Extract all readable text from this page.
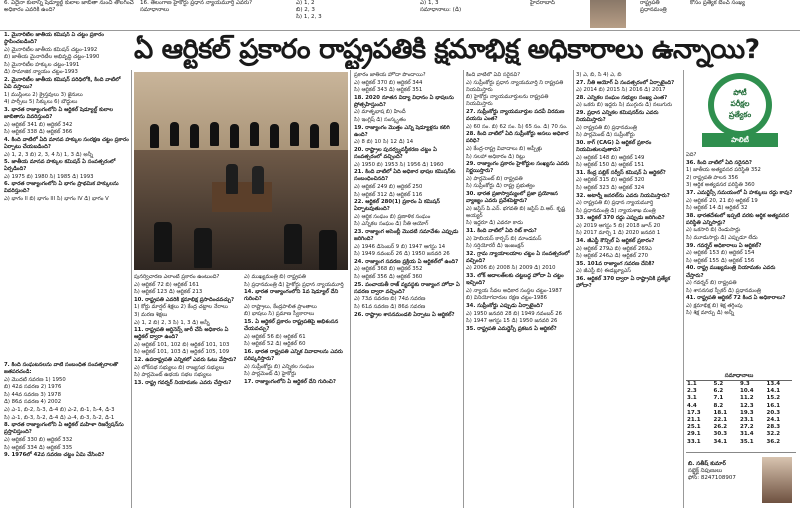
6. ఏదైనా కులాన్ని షెడ్యూల్డ్ కులాల జాబితా నుంచి తొలగించే
అధికారం ఎవరికి ఉంది?
16. తెలంగాణ హైకోర్టు ప్రధాన న్యాయమూర్తి ఎవరు?
సమాధానాలు
ఎ) 1, 2
బి) 2, 3
సి) 1, 2, 3
ఎ) 1, 3
సమాధానాలు: (డి)
హైదరాబాద్	రాష్ట్రపతి
ప్రధానమంత్రి
కోసం ప్రత్యేక బెంచ్ సంఖ్య
ఏ ఆర్టికల్ ప్రకారం రాష్ట్రపతికి క్షమాభిక్ష అధికారాలు ఉన్నాయి?

1. మైనారిటీల జాతీయ కమిషన్ ఏ చట్టం ప్రకారం స్థాపించబడింది?

ఎ) మైనారిటీల జాతీయ కమిషన్ చట్టం-1992

బి) జాతీయ మైనారిటీల అభివృద్ధి చట్టం-1990

సి) మైనారిటీల హక్కుల చట్టం-1991

డి) సామాజిక న్యాయం చట్టం-1993

2. మైనారిటీల జాతీయ కమిషన్ పరిధిలోకి, కింది వాటిలో ఏవి వస్తాయి?

1) ముస్లింలు 2) క్రైస్తవులు 3) జైనులు

4) పార్సీలు 5) సిక్కులు 6) బౌద్ధులు

3. భారత రాజ్యాంగంలోని ఏ ఆర్టికల్ షెడ్యూల్డ్ కులాల జాబితాను వివరిస్తుంది?

ఎ) ఆర్టికల్ 341 బి) ఆర్టికల్ 342

సి) ఆర్టికల్ 338 డి) ఆర్టికల్ 366

4. కింది వాటిలో ఏది మానవ హక్కుల సంరక్షణ చట్టం ప్రకారం ఏర్పాటు చేయబడింది?

ఎ) 1, 2, 3 బి) 2, 3, 4 సి) 1, 3 డి) అన్నీ

5. జాతీయ మానవ హక్కుల కమిషన్ ఏ సంవత్సరంలో ఏర్పడింది?

ఎ) 1975 బి) 1980 సి) 1985 డి) 1993

6. భారత రాజ్యాంగంలోని ఏ భాగం ప్రాథమిక హక్కులను వివరిస్తుంది?

ఎ) భాగం II బి) భాగం III సి) భాగం IV డి) భాగం V

7. కింది సంఘటనలను వాటి సంబంధిత సంవత్సరాలతో జతపరచండి:

ఎ) మొదటి సవరణ 1) 1950

బి) 42వ సవరణ 2) 1976

సి) 44వ సవరణ 3) 1978

డి) 86వ సవరణ 4) 2002

ఎ) ఎ-1, బి-2, సి-3, డి-4 బి) ఎ-2, బి-1, సి-4, డి-3

సి) ఎ-1, బి-3, సి-2, డి-4 డి) ఎ-4, బి-3, సి-2, డి-1

8. భారత రాజ్యాంగంలోని ఏ ఆర్టికల్ మహిళా రిజర్వేషన్‌ను ప్రస్తావిస్తుంది?

ఎ) ఆర్టికల్ 330 బి) ఆర్టికల్ 332

సి) ఆర్టికల్ 334 డి) ఆర్టికల్ 335

9. 1976లో 42వ సవరణ చట్టం ఏమి చేసింది?

పునర్విచారణ ఎలాంటి ప్రకారం ఉంటుంది?

ఎ) ఆర్టికల్ 72 బి) ఆర్టికల్ 161

సి) ఆర్టికల్ 123 డి) ఆర్టికల్ 213

10. రాష్ట్రపతి ఎవరికి క్షమాభిక్ష ప్రసాదించవచ్చు?

1) కోర్టు మార్షల్ శిక్షలు 2) కేంద్ర చట్టాల నేరాలు

3) మరణ శిక్షలు

ఎ) 1, 2 బి) 2, 3 సి) 1, 3 డి) అన్నీ

11. రాష్ట్రపతి ఆర్డినెన్స్ జారీ చేసే అధికారం ఏ ఆర్టికల్ ద్వారా ఉంది?

ఎ) ఆర్టికల్ 101, 102 బి) ఆర్టికల్ 101, 103

సి) ఆర్టికల్ 101, 103 డి) ఆర్టికల్ 105, 109

12. ఉపరాష్ట్రపతి ఎన్నికలో ఎవరు ఓటు వేస్తారు?

ఎ) లోక్‌సభ సభ్యులు బి) రాజ్యసభ సభ్యులు

సి) పార్లమెంట్ ఉభయ సభల సభ్యులు

13. రాష్ట్ర గవర్నర్ నియామకం ఎవరు చేస్తారు?

ఎ) ముఖ్యమంత్రి బి) రాష్ట్రపతి

సి) ప్రధానమంత్రి డి) హైకోర్టు ప్రధాన న్యాయమూర్తి

14. భారత రాజ్యాంగంలోని 1వ షెడ్యూల్ దేని గురించి?

ఎ) రాష్ట్రాలు, కేంద్రపాలిత ప్రాంతాలు

బి) భాషలు సి) ప్రమాణ స్వీకారాలు

15. ఏ ఆర్టికల్ ప్రకారం రాష్ట్రపతిపై అభిశంసన చేయవచ్చు?

ఎ) ఆర్టికల్ 56 బి) ఆర్టికల్ 61

సి) ఆర్టికల్ 52 డి) ఆర్టికల్ 60

16. భారత రాష్ట్రపతి ఎన్నిక వివాదాలను ఎవరు పరిష్కరిస్తారు?

ఎ) సుప్రీంకోర్టు బి) ఎన్నికల సంఘం

సి) పార్లమెంట్ డి) హైకోర్టు

17. రాజ్యాంగంలోని ఏ ఆర్టికల్ దేని గురించి?

ప్రకారం జాతీయ హోదా పొందాయి?

ఎ) ఆర్టికల్ 370 బి) ఆర్టికల్ 344

సి) ఆర్టికల్ 343 డి) ఆర్టికల్ 351

18. 2020 నూతన విద్యా విధానం ఏ భాషలను ప్రోత్సహిస్తుంది?

ఎ) మాతృభాష బి) హిందీ

సి) ఇంగ్లిష్ డి) సంస్కృతం

19. రాజ్యాంగం మొత్తం ఎన్ని షెడ్యూళ్లను కలిగి ఉంది?

ఎ) 8 బి) 10 సి) 12 డి) 14

20. రాష్ట్రాల పునర్వ్యవస్థీకరణ చట్టం ఏ సంవత్సరంలో వచ్చింది?

ఎ) 1950 బి) 1953 సి) 1956 డి) 1960

21. కింది వాటిలో ఏది అధికార భాషల కమిషన్‌కు సంబంధించినది?

ఎ) ఆర్టికల్ 249 బి) ఆర్టికల్ 250

సి) ఆర్టికల్ 312 డి) ఆర్టికల్ 116

22. ఆర్టికల్ 280(1) ప్రకారం ఏ కమిషన్ ఏర్పాటవుతుంది?

ఎ) ఆర్థిక సంఘం బి) ప్రణాళిక సంఘం

సి) ఎన్నికల సంఘం డి) నీతి ఆయోగ్

23. రాజ్యాంగ అసెంబ్లీ మొదటి సమావేశం ఎప్పుడు జరిగింది?

ఎ) 1946 డిసెంబర్ 9 బి) 1947 ఆగస్టు 14

సి) 1949 నవంబర్ 26 డి) 1950 జనవరి 26

24. రాజ్యాంగ సవరణ ప్రక్రియ ఏ ఆర్టికల్‌లో ఉంది?

ఎ) ఆర్టికల్ 368 బి) ఆర్టికల్ 352

సి) ఆర్టికల్ 356 డి) ఆర్టికల్ 360

25. పంచాయతీ రాజ్ వ్యవస్థకు రాజ్యాంగ హోదా ఏ సవరణ ద్వారా వచ్చింది?

ఎ) 73వ సవరణ బి) 74వ సవరణ

సి) 61వ సవరణ డి) 86వ సవరణ

26. రాష్ట్రాల శాసనమండలి ఏర్పాటు ఏ ఆర్టికల్?

కింది వాటిలో ఏవి సరైనవి?

ఎ) సుప్రీంకోర్టు ప్రధాన న్యాయమూర్తి ని రాష్ట్రపతి నియమిస్తారు

బి) హైకోర్టు న్యాయమూర్తులను రాష్ట్రపతి నియమిస్తారు

27. సుప్రీంకోర్టు న్యాయమూర్తుల పదవీ విరమణ వయసు ఎంత?

ఎ) 60 సం. బి) 62 సం. సి) 65 సం. డి) 70 సం.

28. కింది వాటిలో ఏది సుప్రీంకోర్టు అసలు అధికార పరిధి?

ఎ) కేంద్ర-రాష్ట్ర వివాదాలు బి) అప్పీళ్లు

సి) సలహా అధికారం డి) రిట్లు

29. రాజ్యాంగం ప్రకారం హైకోర్టుల సంఖ్యను ఎవరు నిర్ణయిస్తారు?

ఎ) పార్లమెంట్ బి) రాష్ట్రపతి

సి) సుప్రీంకోర్టు డి) రాష్ట్ర ప్రభుత్వం

30. భారత ప్రజాస్వామ్యంలో ప్రజా ప్రయోజన వ్యాజ్యం ఎవరు ప్రవేశపెట్టారు?

ఎ) జస్టిస్ పి.ఎన్. భగవతి బి) జస్టిస్ వి.ఆర్. కృష్ణ అయ్యర్

సి) ఇద్దరూ డి) ఎవరూ కాదు

31. కింది వాటిలో ఏది రిట్ కాదు?

ఎ) హెబియస్ కార్పస్ బి) మాండమస్

సి) సర్షియోరరీ డి) ఇంజంక్షన్

32. గ్రామ న్యాయాలయాల చట్టం ఏ సంవత్సరంలో వచ్చింది?

ఎ) 2006 బి) 2008 సి) 2009 డి) 2010

33. లోక్ అదాలత్‌లకు చట్టబద్ధ హోదా ఏ చట్టం ఇచ్చింది?

ఎ) న్యాయ సేవల అధికార సంస్థల చట్టం-1987

బి) వినియోగదారుల రక్షణ చట్టం-1986

34. సుప్రీంకోర్టు ఎప్పుడు ఏర్పాటైంది?

ఎ) 1950 జనవరి 28 బి) 1949 నవంబర్ 26

సి) 1947 ఆగస్టు 15 డి) 1950 జనవరి 26

35. రాష్ట్రపతి ఎమర్జెన్సీ ప్రకటన ఏ ఆర్టికల్?

3) ఎ, బి, సి 4) ఎ, బి

27. నీతి ఆయోగ్ ఏ సంవత్సరంలో ఏర్పాటైంది?

ఎ) 2014 బి) 2015 సి) 2016 డి) 2017

28. ఎన్నికల సంఘం సభ్యుల సంఖ్య ఎంత?

ఎ) ఒకరు బి) ఇద్దరు సి) ముగ్గురు డి) నలుగురు

29. ప్రధాన ఎన్నికల కమిషనర్‌ను ఎవరు నియమిస్తారు?

ఎ) రాష్ట్రపతి బి) ప్రధానమంత్రి

సి) పార్లమెంట్ డి) సుప్రీంకోర్టు

30. కాగ్ (CAG) ఏ ఆర్టికల్ ప్రకారం నియమితులవుతారు?

ఎ) ఆర్టికల్ 148 బి) ఆర్టికల్ 149

సి) ఆర్టికల్ 150 డి) ఆర్టికల్ 151

31. కేంద్ర పబ్లిక్ సర్వీస్ కమిషన్ ఏ ఆర్టికల్?

ఎ) ఆర్టికల్ 315 బి) ఆర్టికల్ 320

సి) ఆర్టికల్ 323 డి) ఆర్టికల్ 324

32. అటార్నీ జనరల్‌ను ఎవరు నియమిస్తారు?

ఎ) రాష్ట్రపతి బి) ప్రధాన న్యాయమూర్తి

సి) ప్రధానమంత్రి డి) న్యాయశాఖ మంత్రి

33. ఆర్టికల్ 370 రద్దు ఎప్పుడు జరిగింది?

ఎ) 2019 ఆగస్టు 5 బి) 2018 జూన్ 20

సి) 2017 మార్చి 1 డి) 2020 జనవరి 1

34. జీఎస్టీ కౌన్సిల్ ఏ ఆర్టికల్ ప్రకారం?

ఎ) ఆర్టికల్ 279ఎ బి) ఆర్టికల్ 269ఎ

సి) ఆర్టికల్ 246ఎ డి) ఆర్టికల్ 270

35. 101వ రాజ్యాంగ సవరణ దేనికి?

ఎ) జీఎస్టీ బి) ఈడబ్ల్యూఎస్

36. ఆర్టికల్ 370 ద్వారా ఏ రాష్ట్రానికి ప్రత్యేక హోదా?

ఏది?

36. కింది వాటిలో ఏది సరైనది?

1) జాతీయ అత్యవసర పరిస్థితి 352

2) రాష్ట్రపతి పాలన 356

3) ఆర్థిక అత్యవసర పరిస్థితి 360

37. ఎమర్జెన్సీ సమయంలో ఏ హక్కులు రద్దు కావు?

ఎ) ఆర్టికల్ 20, 21 బి) ఆర్టికల్ 19

సి) ఆర్టికల్ 14 డి) ఆర్టికల్ 32

38. భారతదేశంలో ఇప్పటి వరకు ఆర్థిక అత్యవసర పరిస్థితి ఎన్నిసార్లు?

ఎ) ఒకసారి బి) రెండుసార్లు

సి) మూడుసార్లు డి) ఎప్పుడూ లేదు

39. గవర్నర్ అధికారాలు ఏ ఆర్టికల్?

ఎ) ఆర్టికల్ 153 బి) ఆర్టికల్ 154

సి) ఆర్టికల్ 155 డి) ఆర్టికల్ 156

40. రాష్ట్ర ముఖ్యమంత్రి నియామకం ఎవరు చేస్తారు?

ఎ) గవర్నర్ బి) రాష్ట్రపతి

సి) శాసనసభ స్పీకర్ డి) ప్రధానమంత్రి

41. రాష్ట్రపతి ఆర్టికల్ 72 కింద ఏ అధికారాలు?

ఎ) క్షమాభిక్ష బి) శిక్ష తగ్గింపు

సి) శిక్ష మార్పు డి) అన్నీ

పోటీ
పరీక్షల
ప్రత్యేకం
పాలిటీ
సమాధానాలు
1.1	5.2	9.3	13.4
2.3	6.2	10.4	14.1
3.1	7.1	11.2	15.2
4.4	8.2	12.3	16.1
17.3	18.1	19.3	20.3
21.1	22.1	23.1	24.1
25.1	26.2	27.2	28.3
29.1	30.3	31.4	32.2
33.1	34.1	35.1	36.2
బి. సతీష్ కుమార్
సబ్జెక్ట్ నిపుణులు
ఫోన్: 8247108907
